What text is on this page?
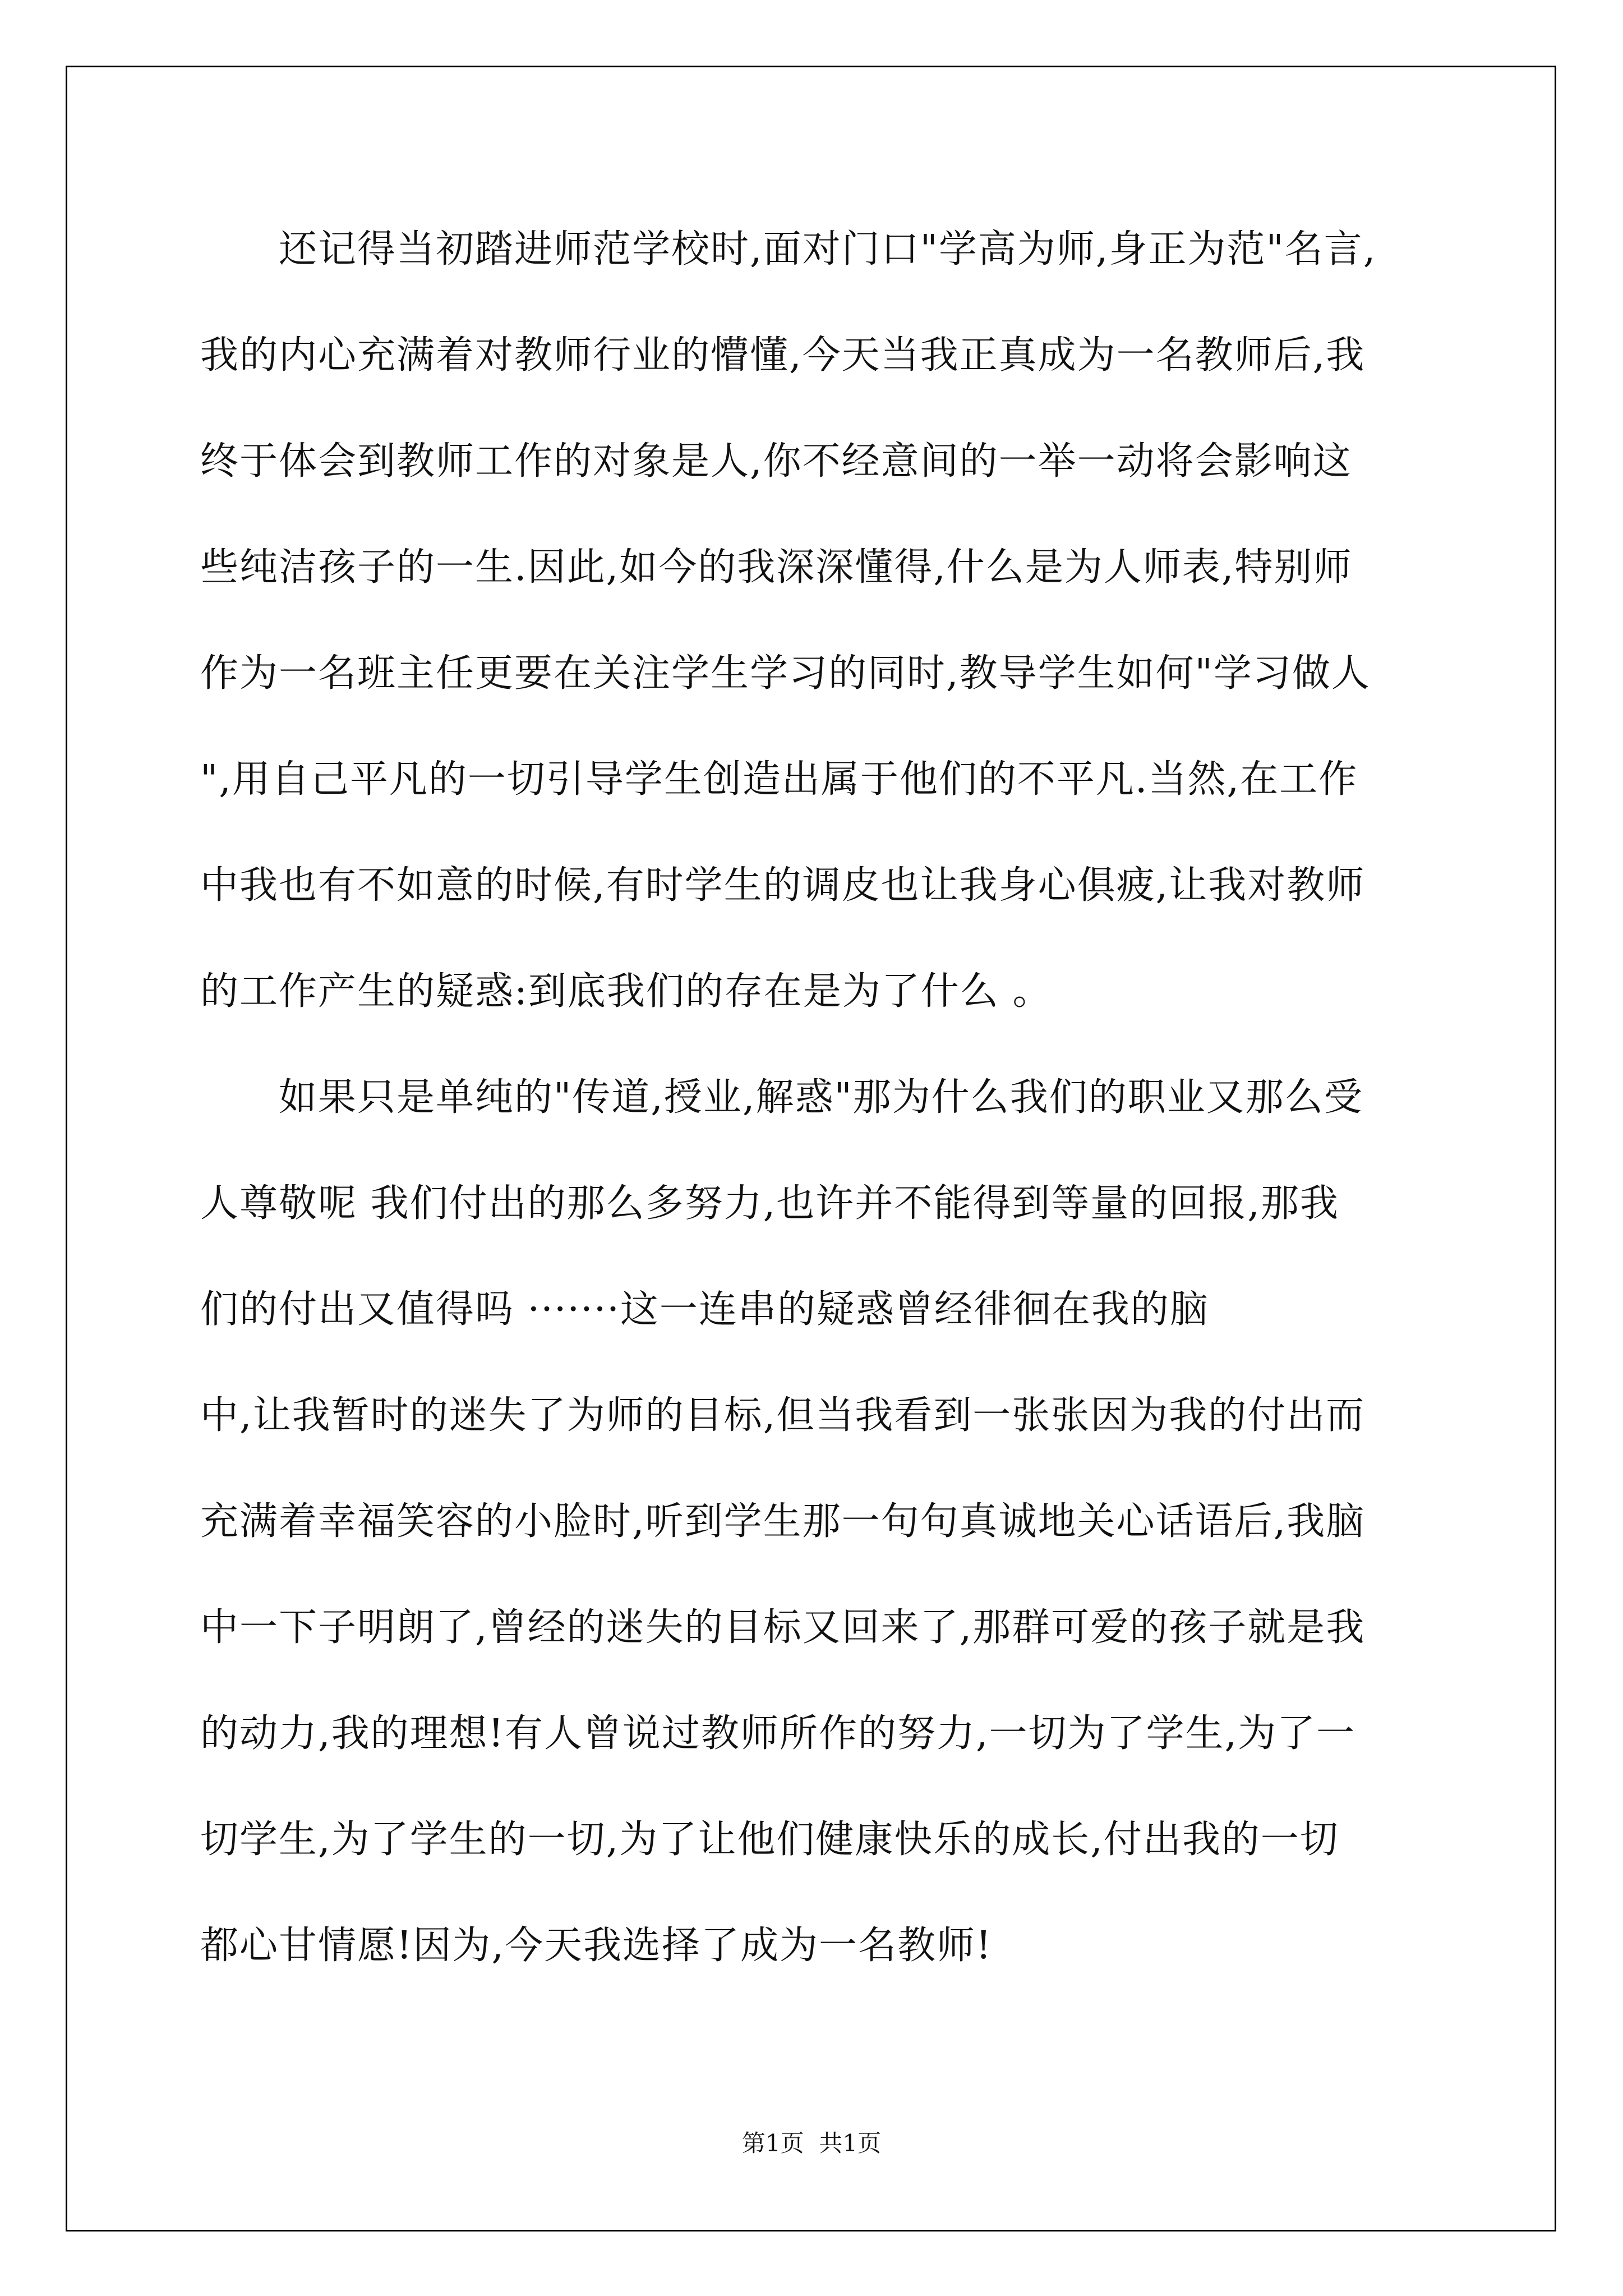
　　还记得当初踏进师范学校时,面对门口"学高为师,身正为范"名言,
我的内心充满着对教师行业的懵懂,今天当我正真成为一名教师后,我
终于体会到教师工作的对象是人,你不经意间的一举一动将会影响这
些纯洁孩子的一生.因此,如今的我深深懂得,什么是为人师表,特别师
作为一名班主任更要在关注学生学习的同时,教导学生如何"学习做人
",用自己平凡的一切引导学生创造出属于他们的不平凡.当然,在工作
中我也有不如意的时候,有时学生的调皮也让我身心俱疲,让我对教师
的工作产生的疑惑:到底我们的存在是为了什么 。
　　如果只是单纯的"传道,授业,解惑"那为什么我们的职业又那么受
人尊敬呢 我们付出的那么多努力,也许并不能得到等量的回报,那我
们的付出又值得吗 ·······这一连串的疑惑曾经徘徊在我的脑
中,让我暂时的迷失了为师的目标,但当我看到一张张因为我的付出而
充满着幸福笑容的小脸时,听到学生那一句句真诚地关心话语后,我脑
中一下子明朗了,曾经的迷失的目标又回来了,那群可爱的孩子就是我
的动力,我的理想!有人曾说过教师所作的努力,一切为了学生,为了一
切学生,为了学生的一切,为了让他们健康快乐的成长,付出我的一切
都心甘情愿!因为,今天我选择了成为一名教师!
第1页  共1页
